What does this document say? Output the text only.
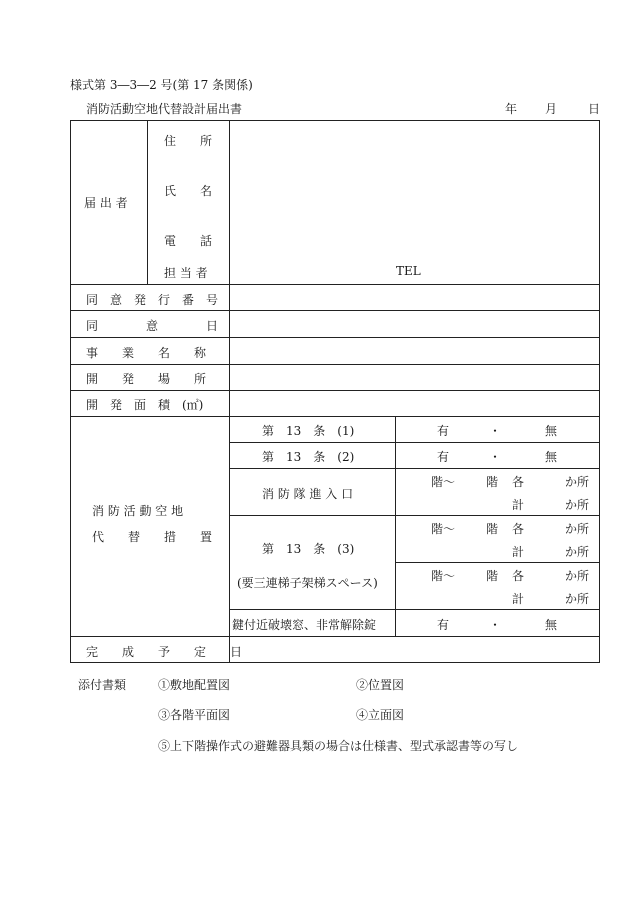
様式第 3―3―2 号(第 17 条関係)
消防活動空地代替設計届出書	年 月	日
届 出 者
住　　所
氏　　名
電　　話
担 当 者	TEL
同　意　発　行　番　号
同　　　　意　　　　日
事　　業　　名　　称
開　　発　　場　　所
開　発　面　積　(㎡)
消 防 活 動 空 地
代　　替　　措　　置
第　13　条　(1)	有	・	無
第　13　条　(2)	有	・	無
消 防 隊 進 入 口
階～	階 各	か所
計	か所
第　13　条　(3)
(要三連梯子架梯スペース)
階～	階 各	か所
計	か所
階～	階 各	か所
計	か所
鍵付近破壊窓、非常解除錠	有	・	無
完　　成　　予　　定　　日
添付書類	①敷地配置図	②位置図
③各階平面図	④立面図
⑤上下階操作式の避難器具類の場合は仕様書、型式承認書等の写し
